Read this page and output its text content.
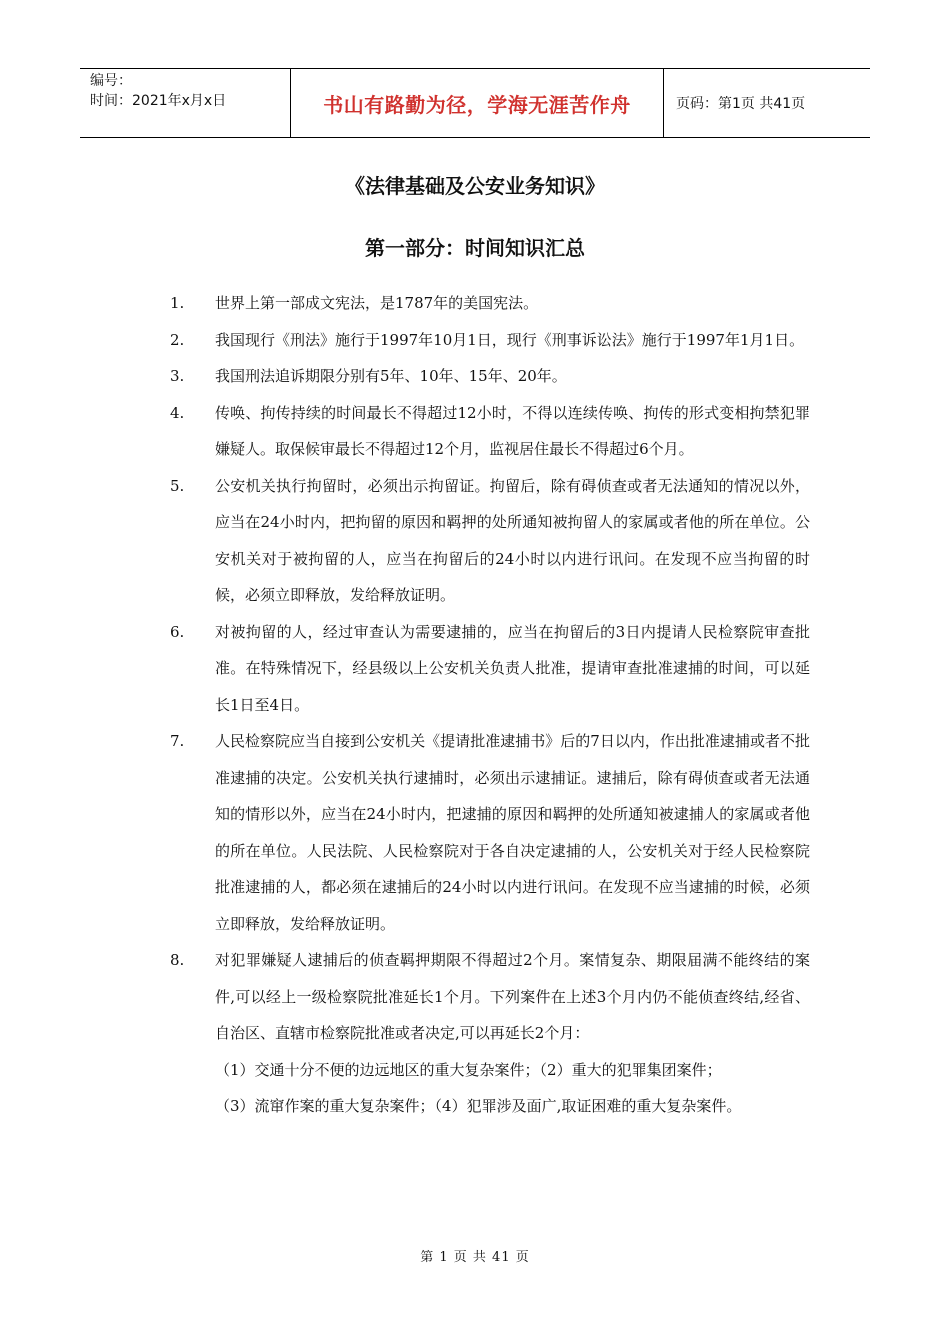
编号：
时间：2021年x月x日	书山有路勤为径，学海无涯苦作舟	页码：第1页 共41页
《法律基础及公安业务知识》
第一部分：时间知识汇总
1.	世界上第一部成文宪法，是1787年的美国宪法。
2.	我国现行《刑法》施行于1997年10月1日，现行《刑事诉讼法》施行于1997年1月1日。
3.	我国刑法追诉期限分别有5年、10年、15年、20年。
4.	传唤、拘传持续的时间最长不得超过12小时，不得以连续传唤、拘传的形式变相拘禁犯罪嫌疑人。取保候审最长不得超过12个月，监视居住最长不得超过6个月。
5.	公安机关执行拘留时，必须出示拘留证。拘留后，除有碍侦查或者无法通知的情况以外，应当在24小时内，把拘留的原因和羁押的处所通知被拘留人的家属或者他的所在单位。公安机关对于被拘留的人，应当在拘留后的24小时以内进行讯问。在发现不应当拘留的时候，必须立即释放，发给释放证明。
6.	对被拘留的人，经过审查认为需要逮捕的，应当在拘留后的3日内提请人民检察院审查批准。在特殊情况下，经县级以上公安机关负责人批准，提请审查批准逮捕的时间，可以延长1日至4日。
7.	人民检察院应当自接到公安机关《提请批准逮捕书》后的7日以内，作出批准逮捕或者不批准逮捕的决定。公安机关执行逮捕时，必须出示逮捕证。逮捕后，除有碍侦查或者无法通知的情形以外，应当在24小时内，把逮捕的原因和羁押的处所通知被逮捕人的家属或者他的所在单位。人民法院、人民检察院对于各自决定逮捕的人，公安机关对于经人民检察院批准逮捕的人，都必须在逮捕后的24小时以内进行讯问。在发现不应当逮捕的时候，必须立即释放，发给释放证明。
8.	对犯罪嫌疑人逮捕后的侦查羁押期限不得超过2个月。案情复杂、期限届满不能终结的案件,可以经上一级检察院批准延长1个月。下列案件在上述3个月内仍不能侦查终结,经省、自治区、直辖市检察院批准或者决定,可以再延长2个月：
（1）交通十分不便的边远地区的重大复杂案件；（2）重大的犯罪集团案件；
（3）流窜作案的重大复杂案件；（4）犯罪涉及面广,取证困难的重大复杂案件。
第 1 页 共 41 页
